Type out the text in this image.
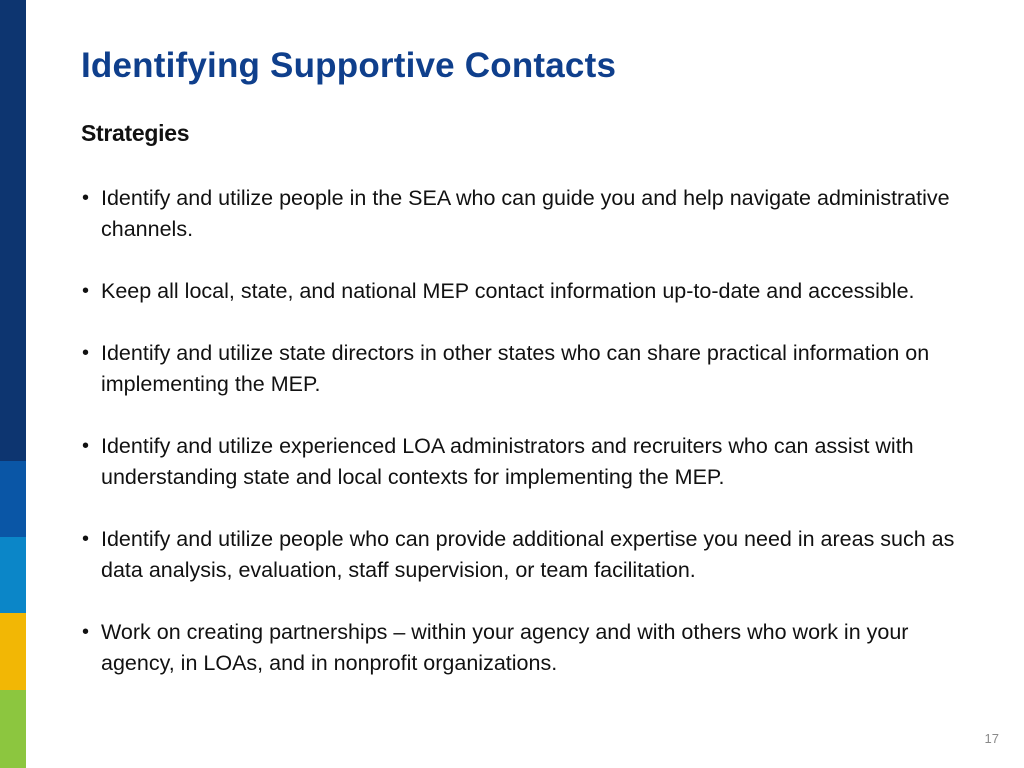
Identifying Supportive Contacts
Strategies
• Identify and utilize people in the SEA who can guide you and help navigate administrative channels.
• Keep all local, state, and national MEP contact information up-to-date and accessible.
• Identify and utilize state directors in other states who can share practical information on implementing the MEP.
• Identify and utilize experienced LOA administrators and recruiters who can assist with understanding state and local contexts for implementing the MEP.
• Identify and utilize people who can provide additional expertise you need in areas such as data analysis, evaluation, staff supervision, or team facilitation.
• Work on creating partnerships – within your agency and with others who work in your agency, in LOAs, and in nonprofit organizations.
17
